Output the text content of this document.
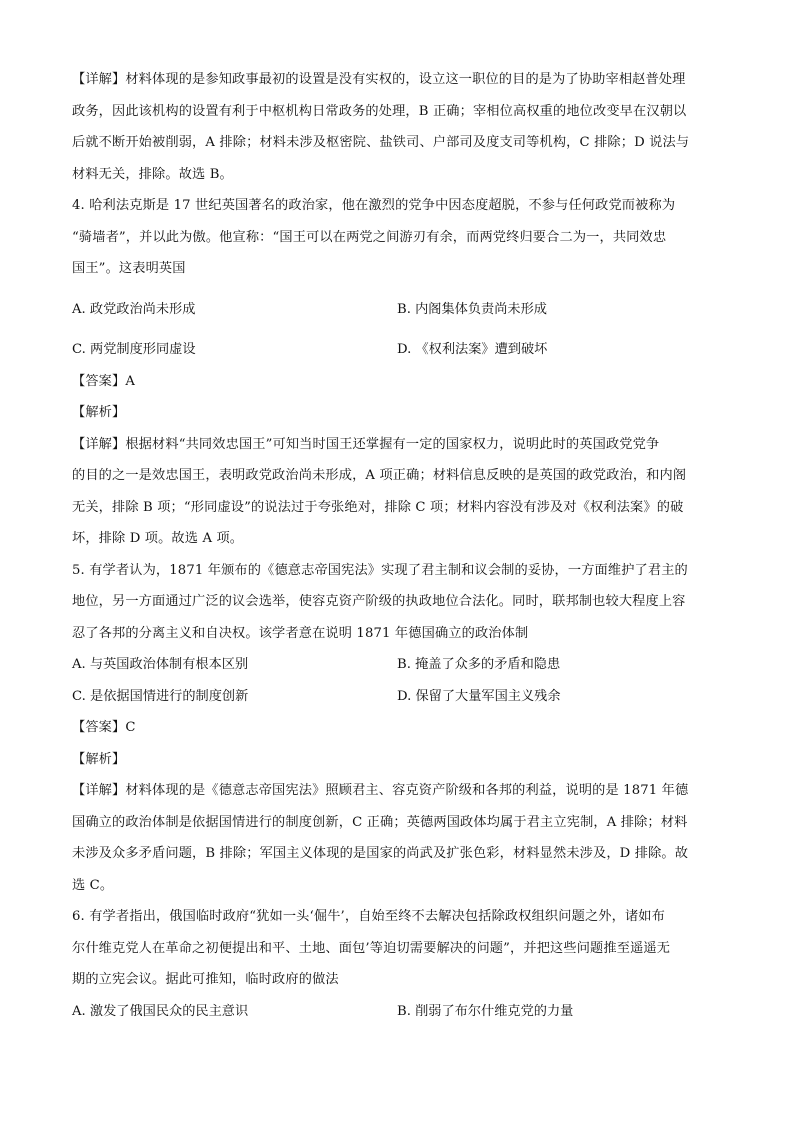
【详解】材料体现的是参知政事最初的设置是没有实权的，设立这一职位的目的是为了协助宰相赵普处理
政务，因此该机构的设置有利于中枢机构日常政务的处理，B 正确；宰相位高权重的地位改变早在汉朝以
后就不断开始被削弱，A 排除；材料未涉及枢密院、盐铁司、户部司及度支司等机构，C 排除；D 说法与
材料无关，排除。故选 B。
4. 哈利法克斯是 17 世纪英国著名的政治家，他在激烈的党争中因态度超脱，不参与任何政党而被称为
“骑墙者”，并以此为傲。他宣称：“国王可以在两党之间游刃有余，而两党终归要合二为一，共同效忠
国王”。这表明英国
A. 政党政治尚未形成	B. 内阁集体负责尚未形成
C. 两党制度形同虚设	D. 《权利法案》遭到破坏
【答案】A
【解析】
【详解】根据材料“共同效忠国王”可知当时国王还掌握有一定的国家权力，说明此时的英国政党党争
的目的之一是效忠国王，表明政党政治尚未形成，A 项正确；材料信息反映的是英国的政党政治，和内阁
无关，排除 B 项；“形同虚设”的说法过于夸张绝对，排除 C 项；材料内容没有涉及对《权利法案》的破
坏，排除 D 项。故选 A 项。
5. 有学者认为，1871 年颁布的《德意志帝国宪法》实现了君主制和议会制的妥协，一方面维护了君主的
地位，另一方面通过广泛的议会选举，使容克资产阶级的执政地位合法化。同时，联邦制也较大程度上容
忍了各邦的分离主义和自决权。该学者意在说明 1871 年德国确立的政治体制
A. 与英国政治体制有根本区别	B. 掩盖了众多的矛盾和隐患
C. 是依据国情进行的制度创新	D. 保留了大量军国主义残余
【答案】C
【解析】
【详解】材料体现的是《德意志帝国宪法》照顾君主、容克资产阶级和各邦的利益，说明的是 1871 年德
国确立的政治体制是依据国情进行的制度创新，C 正确；英德两国政体均属于君主立宪制，A 排除；材料
未涉及众多矛盾问题，B 排除；军国主义体现的是国家的尚武及扩张色彩，材料显然未涉及，D 排除。故
选 C。
6. 有学者指出，俄国临时政府“犹如一头‘倔牛’，自始至终不去解决包括除政权组织问题之外，诸如布
尔什维克党人在革命之初便提出和平、土地、面包’等迫切需要解决的问题”，并把这些问题推至遥遥无
期的立宪会议。据此可推知，临时政府的做法
A. 激发了俄国民众的民主意识	B. 削弱了布尔什维克党的力量
